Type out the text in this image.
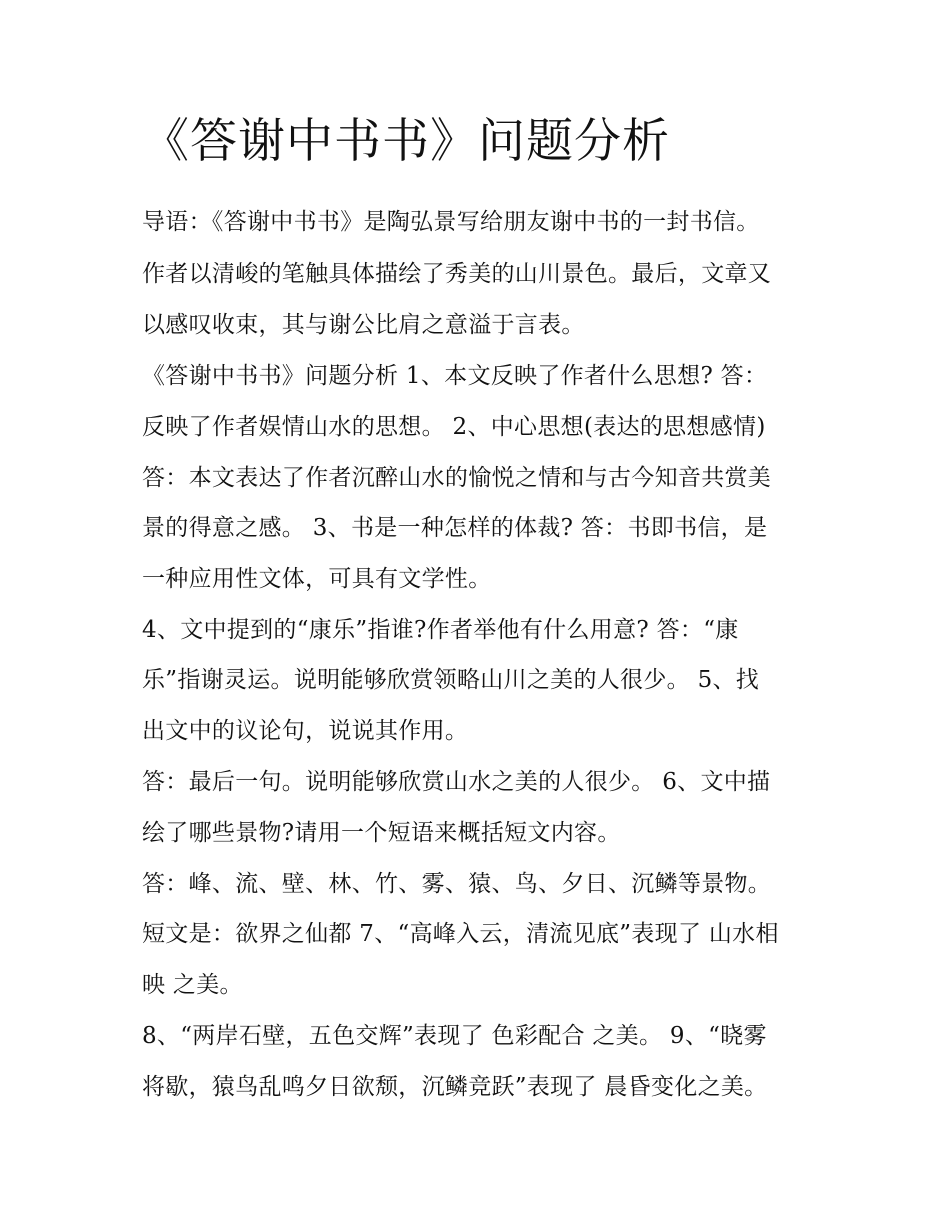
《答谢中书书》问题分析
导语：《答谢中书书》是陶弘景写给朋友谢中书的一封书信。
作者以清峻的笔触具体描绘了秀美的山川景色。最后，文章又
以感叹收束，其与谢公比肩之意溢于言表。
《答谢中书书》问题分析 1、本文反映了作者什么思想? 答：
反映了作者娱情山水的思想。 2、中心思想(表达的思想感情)
答：本文表达了作者沉醉山水的愉悦之情和与古今知音共赏美
景的得意之感。 3、书是一种怎样的体裁? 答：书即书信，是
一种应用性文体，可具有文学性。
4、文中提到的“康乐”指谁?作者举他有什么用意? 答：“康
乐”指谢灵运。说明能够欣赏领略山川之美的人很少。 5、找
出文中的议论句，说说其作用。
答：最后一句。说明能够欣赏山水之美的人很少。 6、文中描
绘了哪些景物?请用一个短语来概括短文内容。
答：峰、流、壁、林、竹、雾、猿、鸟、夕日、沉鳞等景物。
短文是：欲界之仙都 7、“高峰入云，清流见底”表现了 山水相
映 之美。
8、“两岸石壁，五色交辉”表现了 色彩配合 之美。 9、“晓雾
将歇，猿鸟乱鸣夕日欲颓，沉鳞竞跃”表现了 晨昏变化之美。
